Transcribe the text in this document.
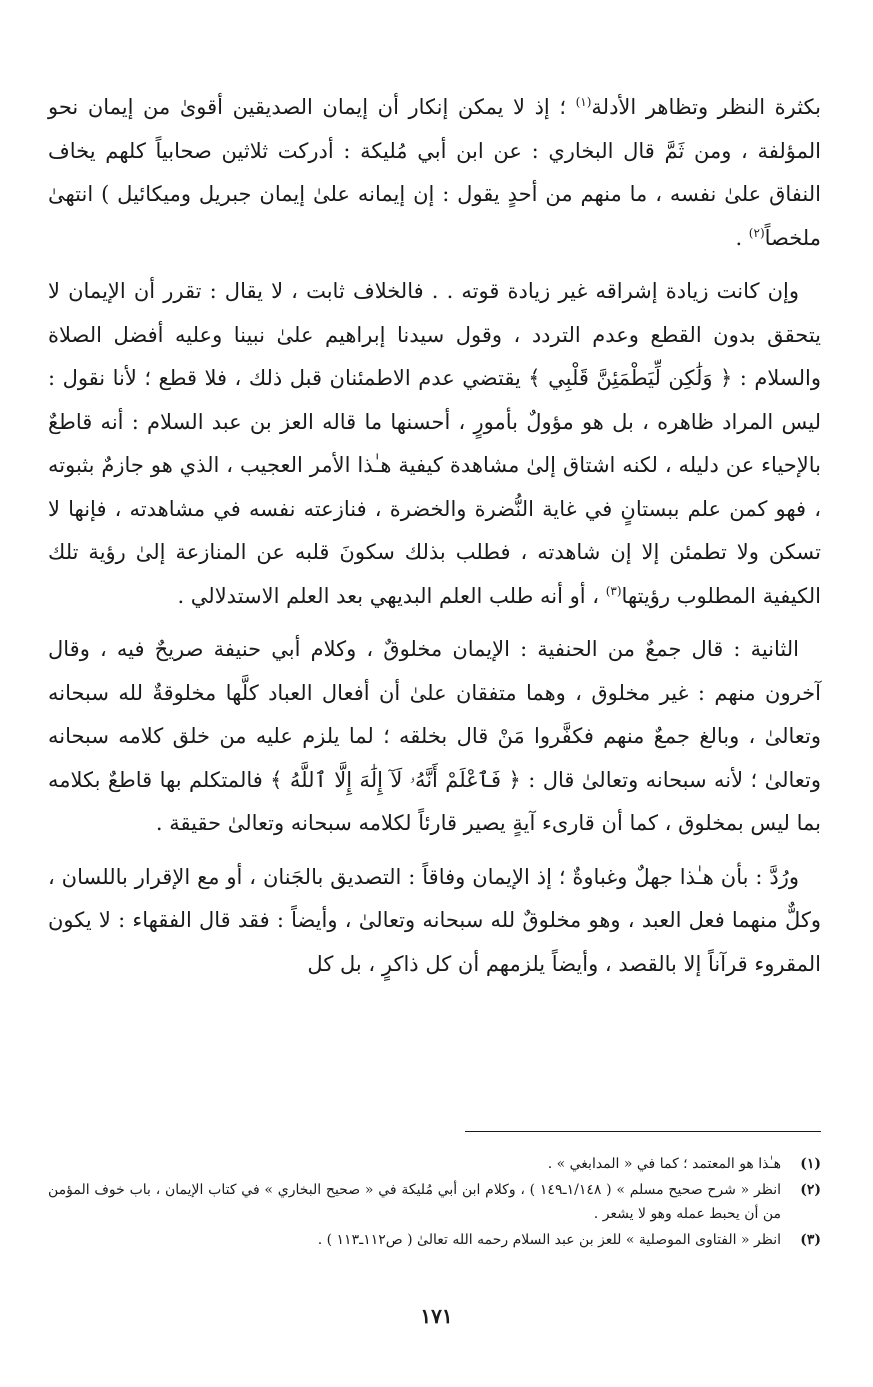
بكثرة النظر وتظاهر الأدلة$^{(١)}$ ؛ إذ لا يمكن إنكار أن إيمان الصديقين أقوىٰ من إيمان نحو المؤلفة ، ومن ثَمَّ قال البخاري : عن ابن أبي مُليكة : أدركت ثلاثين صحابياً كلهم يخاف النفاق علىٰ نفسه ، ما منهم من أحدٍ يقول : إن إيمانه علىٰ إيمان جبريل وميكائيل ) انتهىٰ ملخصاً$^{(٢)}$ .

وإن كانت زيادة إشراقه غير زيادة قوته . . فالخلاف ثابت ، لا يقال : تقرر أن الإيمان لا يتحقق بدون القطع وعدم التردد ، وقول سيدنا إبراهيم علىٰ نبينا وعليه أفضل الصلاة والسلام : ﴿ وَلَٰكِن لِّيَطْمَئِنَّ قَلْبِي ﴾ يقتضي عدم الاطمئنان قبل ذلك ، فلا قطع ؛ لأنا نقول : ليس المراد ظاهره ، بل هو مؤولٌ بأمورٍ ، أحسنها ما قاله العز بن عبد السلام : أنه قاطعٌ بالإحياء عن دليله ، لكنه اشتاق إلىٰ مشاهدة كيفية هـٰذا الأمر العجيب ، الذي هو جازمٌ بثبوته ، فهو كمن علم ببستانٍ في غاية النُّضرة والخضرة ، فنازعته نفسه في مشاهدته ، فإنها لا تسكن ولا تطمئن إلا إن شاهدته ، فطلب بذلك سكونَ قلبه عن المنازعة إلىٰ رؤية تلك الكيفية المطلوب رؤيتها$^{(٣)}$ ، أو أنه طلب العلم البديهي بعد العلم الاستدلالي .

الثانية : قال جمعٌ من الحنفية : الإيمان مخلوقٌ ، وكلام أبي حنيفة صريحٌ فيه ، وقال آخرون منهم : غير مخلوق ، وهما متفقان علىٰ أن أفعال العباد كلَّها مخلوقةٌ لله سبحانه وتعالىٰ ، وبالغ جمعٌ منهم فكفَّروا مَنْ قال بخلقه ؛ لما يلزم عليه من خلق كلامه سبحانه وتعالىٰ ؛ لأنه سبحانه وتعالىٰ قال : ﴿ فَٱعْلَمْ أَنَّهُۥ لَآ إِلَٰهَ إِلَّا ٱللَّهُ ﴾ فالمتكلم بها قاطعٌ بكلامه بما ليس بمخلوق ، كما أن قارىء آيةٍ يصير قارئاً لكلامه سبحانه وتعالىٰ حقيقة .

ورُدَّ : بأن هـٰذا جهلٌ وغباوةٌ ؛ إذ الإيمان وفاقاً : التصديق بالجَنان ، أو مع الإقرار باللسان ، وكلٌّ منهما فعل العبد ، وهو مخلوقٌ لله سبحانه وتعالىٰ ، وأيضاً : فقد قال الفقهاء : لا يكون المقروء قرآناً إلا بالقصد ، وأيضاً يلزمهم أن كل ذاكرٍ ، بل كل

(١)
هـٰذا هو المعتمد ؛ كما في « المدابغي » .
(٢)
انظر « شرح صحيح مسلم » ( ١/١٤٨ـ١٤٩ ) ، وكلام ابن أبي مُليكة في « صحيح البخاري » في كتاب الإيمان ، باب خوف المؤمن من أن يحبط عمله وهو لا يشعر .
(٣)
انظر « الفتاوى الموصلية » للعز بن عبد السلام رحمه الله تعالىٰ ( ص١١٢ـ١١٣ ) .
١٧١
